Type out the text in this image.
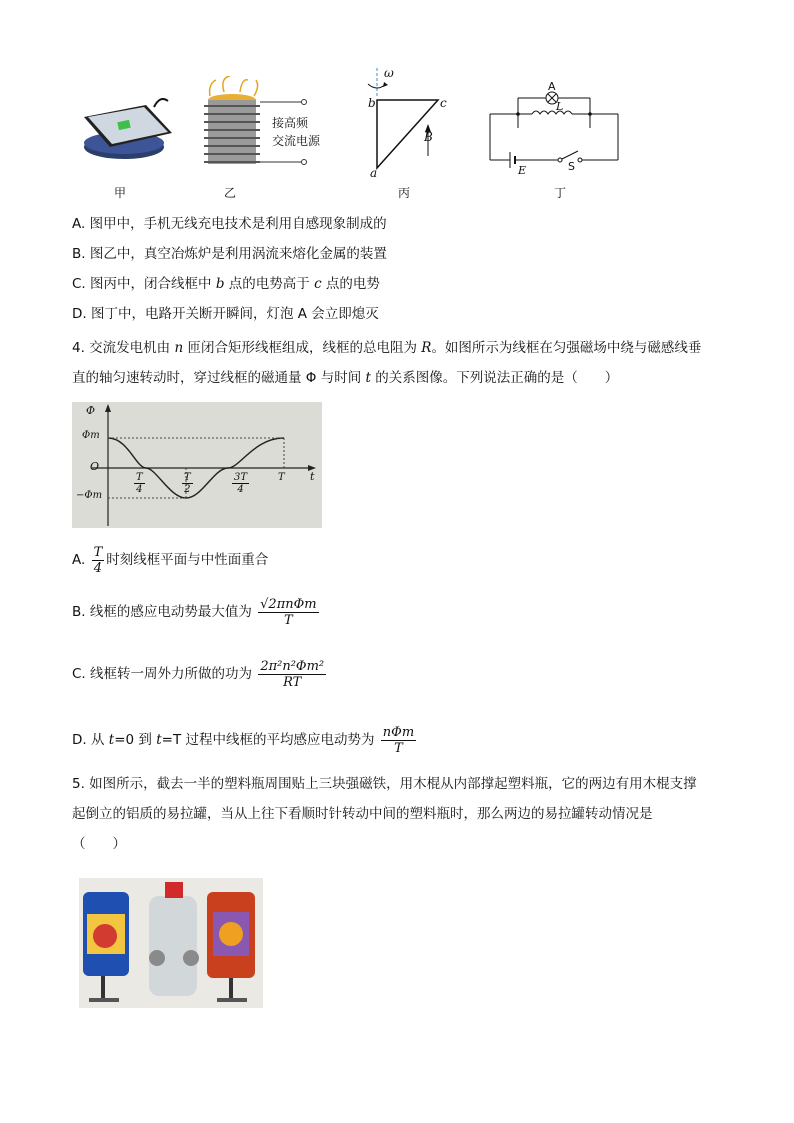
甲
接高频
交流电源
乙
ω
b	c
a
B
丙
A
L
E	S
丁
A. 图甲中，手机无线充电技术是利用自感现象制成的
B. 图乙中，真空冶炼炉是利用涡流来熔化金属的装置
C. 图丙中，闭合线框中 b 点的电势高于 c 点的电势
D. 图丁中，电路开关断开瞬间，灯泡 A 会立即熄灭
4. 交流发电机由 n 匝闭合矩形线框组成，线框的总电阻为 R。如图所示为线框在匀强磁场中绕与磁感线垂
直的轴匀速转动时，穿过线框的磁通量 Φ 与时间 t 的关系图像。下列说法正确的是（　　）
Φ
Φm
O
−Φm
t
$\frac{T}{4}$	$\frac{T}{2}$	$\frac{3T}{4}$	T
A. $\frac{T}{4}$ 时刻线框平面与中性面重合
B. 线框的感应电动势最大值为 $\frac{\text{√2πnΦm}}{T}$
C. 线框转一周外力所做的功为 $\frac{\text{2π²n²Φm²}}{RT}$
D. 从 t=0 到 t=T 过程中线框的平均感应电动势为 $\frac{\text{nΦm}}{T}$
5. 如图所示，截去一半的塑料瓶周围贴上三块强磁铁，用木棍从内部撑起塑料瓶，它的两边有用木棍支撑
起倒立的铝质的易拉罐，当从上往下看顺时针转动中间的塑料瓶时，那么两边的易拉罐转动情况是
（　　）
